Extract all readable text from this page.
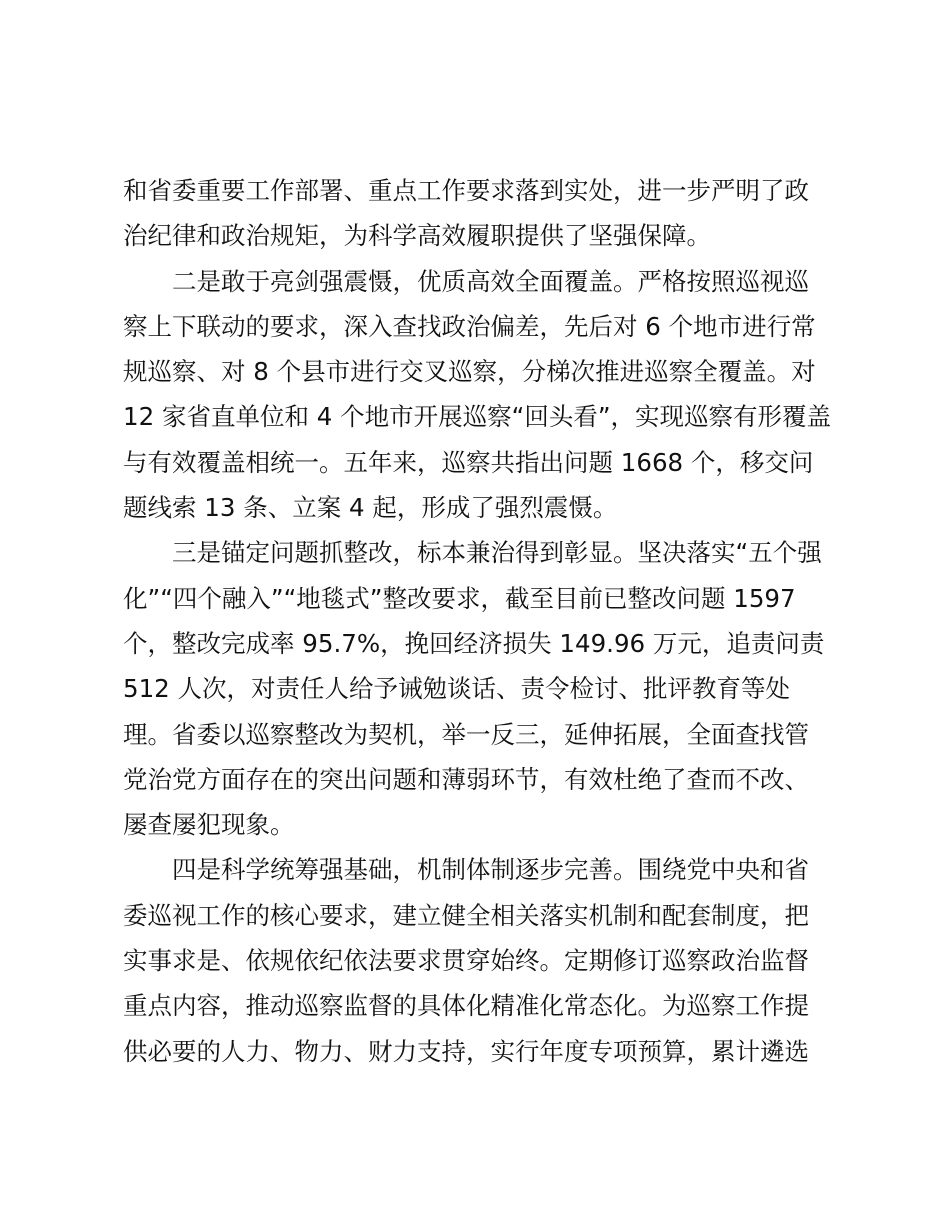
和省委重要工作部署、重点工作要求落到实处，进一步严明了政
治纪律和政治规矩，为科学高效履职提供了坚强保障。
　　二是敢于亮剑强震慑，优质高效全面覆盖。严格按照巡视巡
察上下联动的要求，深入查找政治偏差，先后对 6 个地市进行常
规巡察、对 8 个县市进行交叉巡察，分梯次推进巡察全覆盖。对
12 家省直单位和 4 个地市开展巡察“回头看”，实现巡察有形覆盖
与有效覆盖相统一。五年来，巡察共指出问题 1668 个，移交问
题线索 13 条、立案 4 起，形成了强烈震慑。
　　三是锚定问题抓整改，标本兼治得到彰显。坚决落实“五个强
化”“四个融入”“地毯式”整改要求，截至目前已整改问题 1597
个，整改完成率 95.7%，挽回经济损失 149.96 万元，追责问责
512 人次，对责任人给予诫勉谈话、责令检讨、批评教育等处
理。省委以巡察整改为契机，举一反三，延伸拓展，全面查找管
党治党方面存在的突出问题和薄弱环节，有效杜绝了查而不改、
屡查屡犯现象。
　　四是科学统筹强基础，机制体制逐步完善。围绕党中央和省
委巡视工作的核心要求，建立健全相关落实机制和配套制度，把
实事求是、依规依纪依法要求贯穿始终。定期修订巡察政治监督
重点内容，推动巡察监督的具体化精准化常态化。为巡察工作提
供必要的人力、物力、财力支持，实行年度专项预算，累计遴选
